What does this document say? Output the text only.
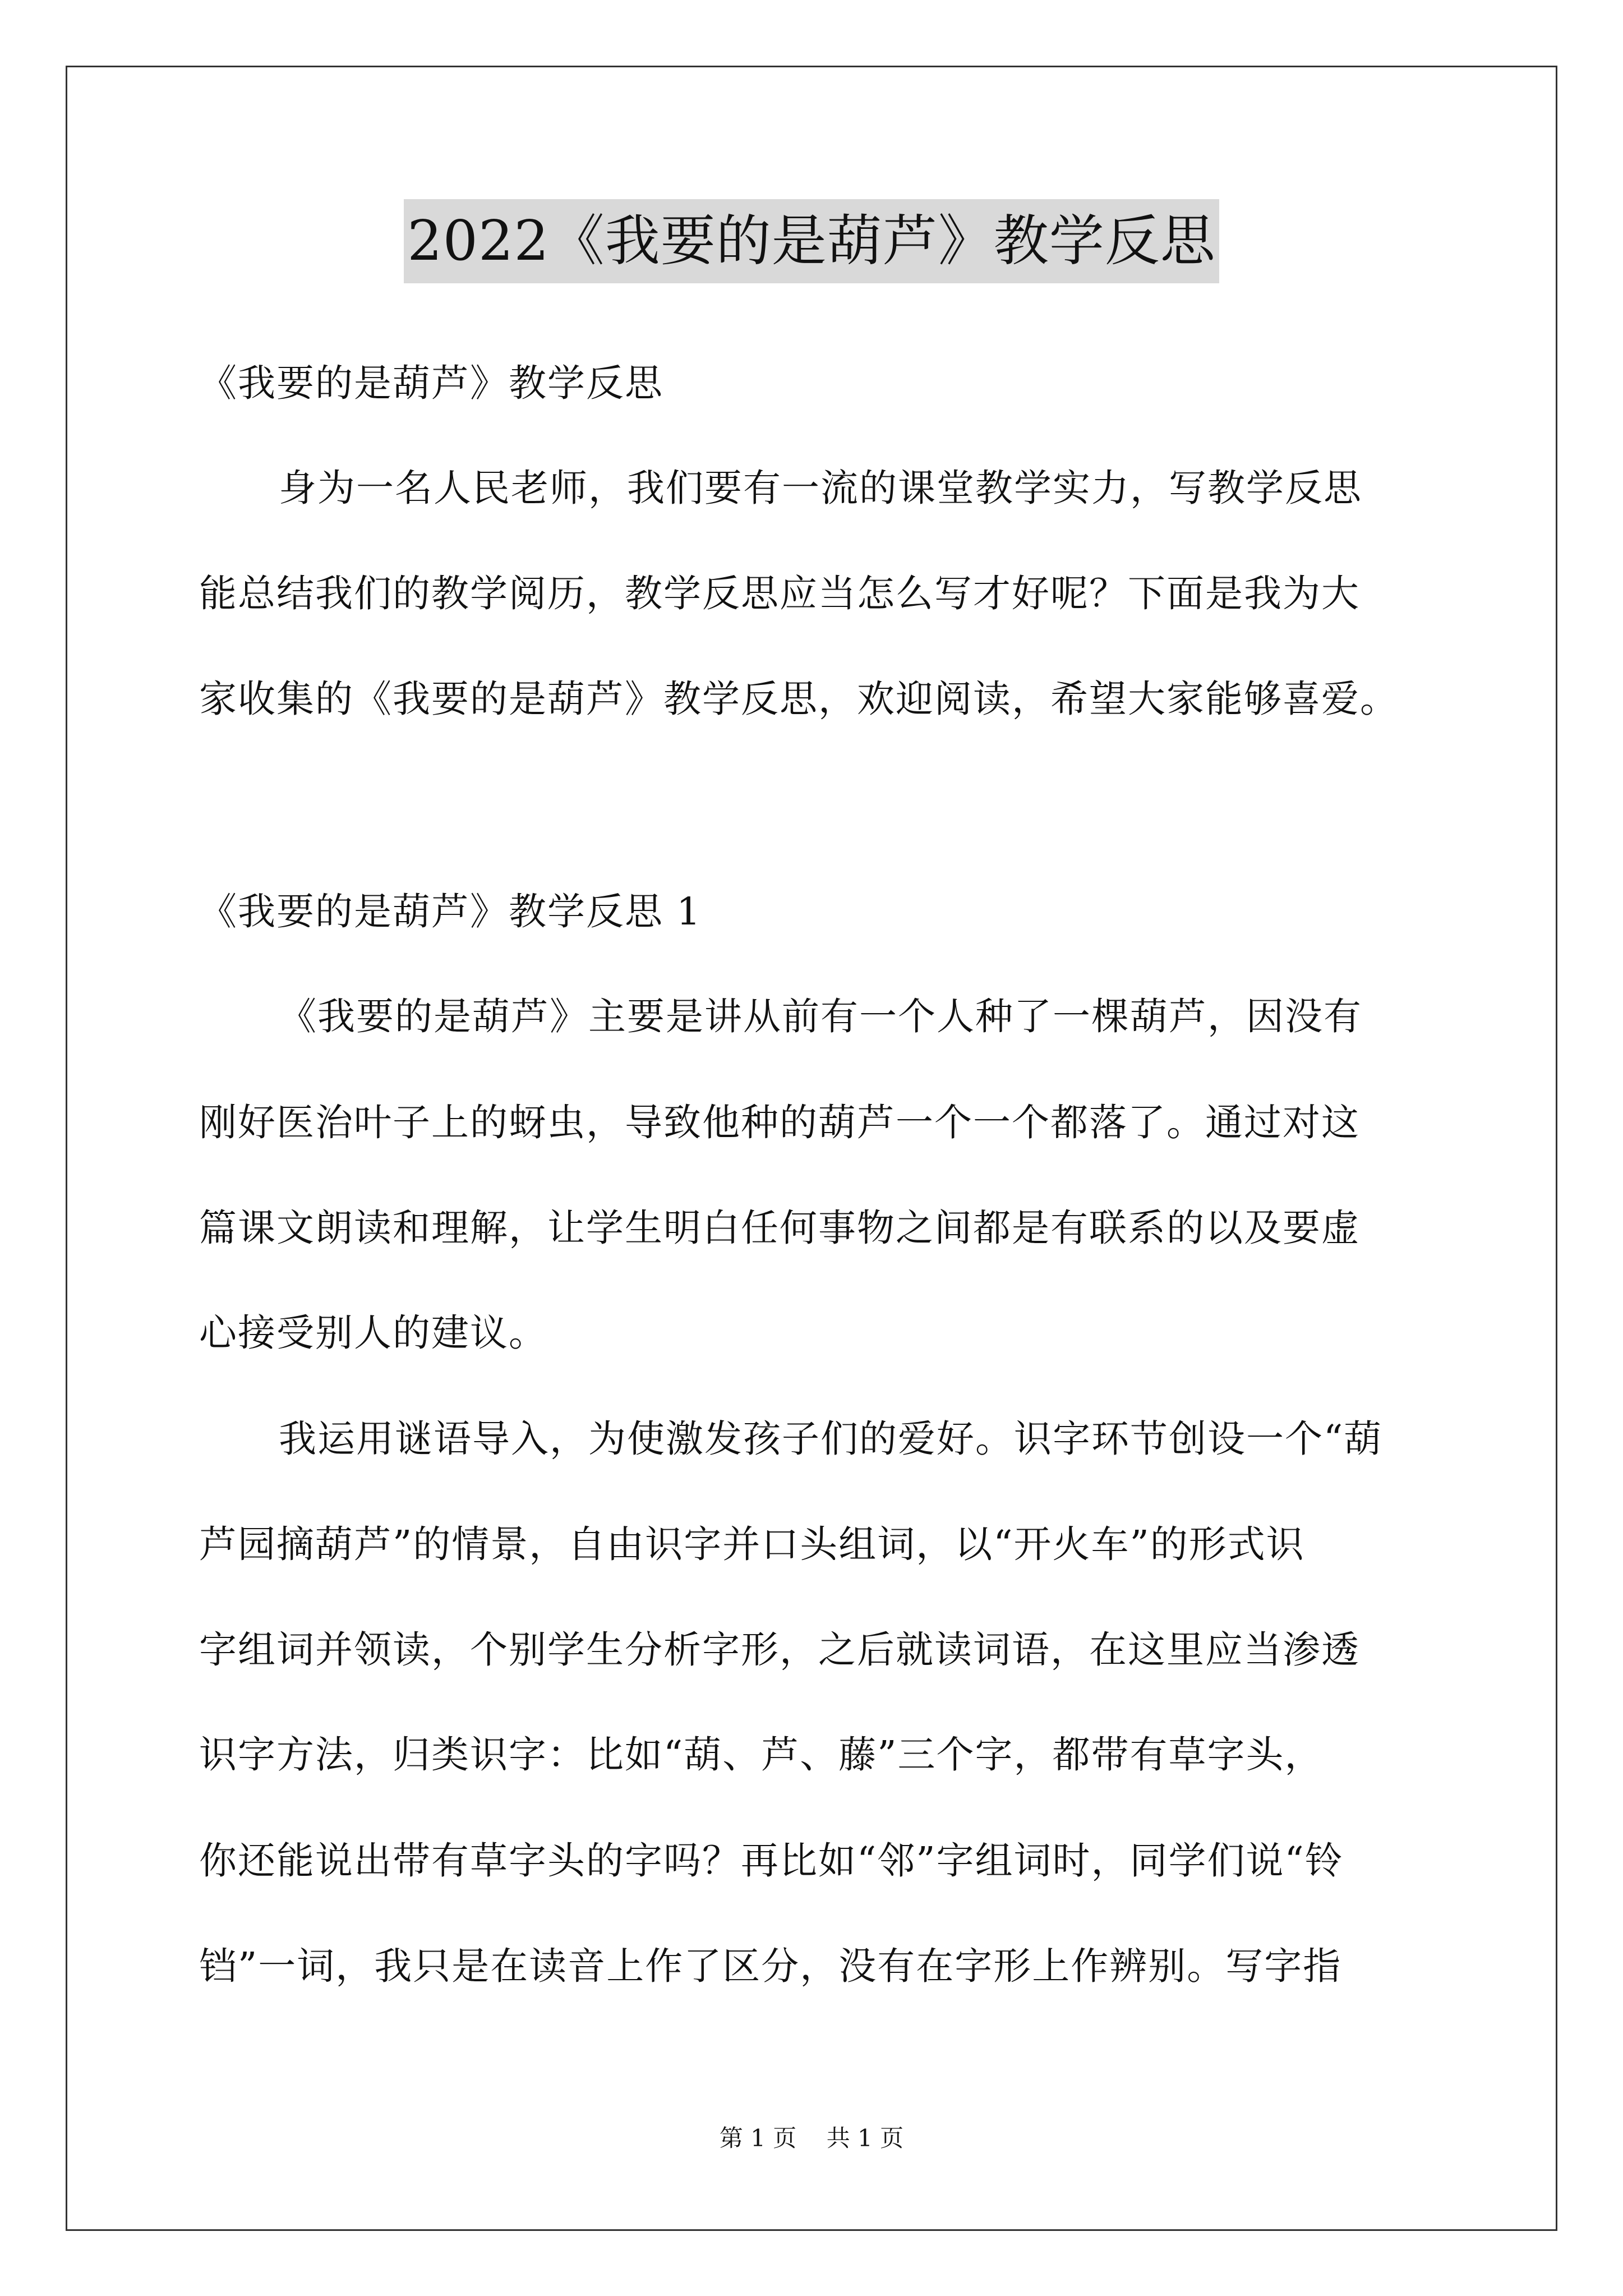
2022《我要的是葫芦》教学反思
《我要的是葫芦》教学反思
身为一名人民老师，我们要有一流的课堂教学实力，写教学反思
能总结我们的教学阅历，教学反思应当怎么写才好呢？下面是我为大
家收集的《我要的是葫芦》教学反思，欢迎阅读，希望大家能够喜爱。
《我要的是葫芦》教学反思 1
《我要的是葫芦》主要是讲从前有一个人种了一棵葫芦，因没有
刚好医治叶子上的蚜虫，导致他种的葫芦一个一个都落了。通过对这
篇课文朗读和理解，让学生明白任何事物之间都是有联系的以及要虚
心接受别人的建议。
我运用谜语导入，为使激发孩子们的爱好。识字环节创设一个“葫
芦园摘葫芦”的情景，自由识字并口头组词，以“开火车”的形式识
字组词并领读，个别学生分析字形，之后就读词语，在这里应当渗透
识字方法，归类识字：比如“葫、芦、藤”三个字，都带有草字头，
你还能说出带有草字头的字吗？再比如“邻”字组词时，同学们说“铃
铛”一词，我只是在读音上作了区分，没有在字形上作辨别。写字指
第 1 页 共 1 页
